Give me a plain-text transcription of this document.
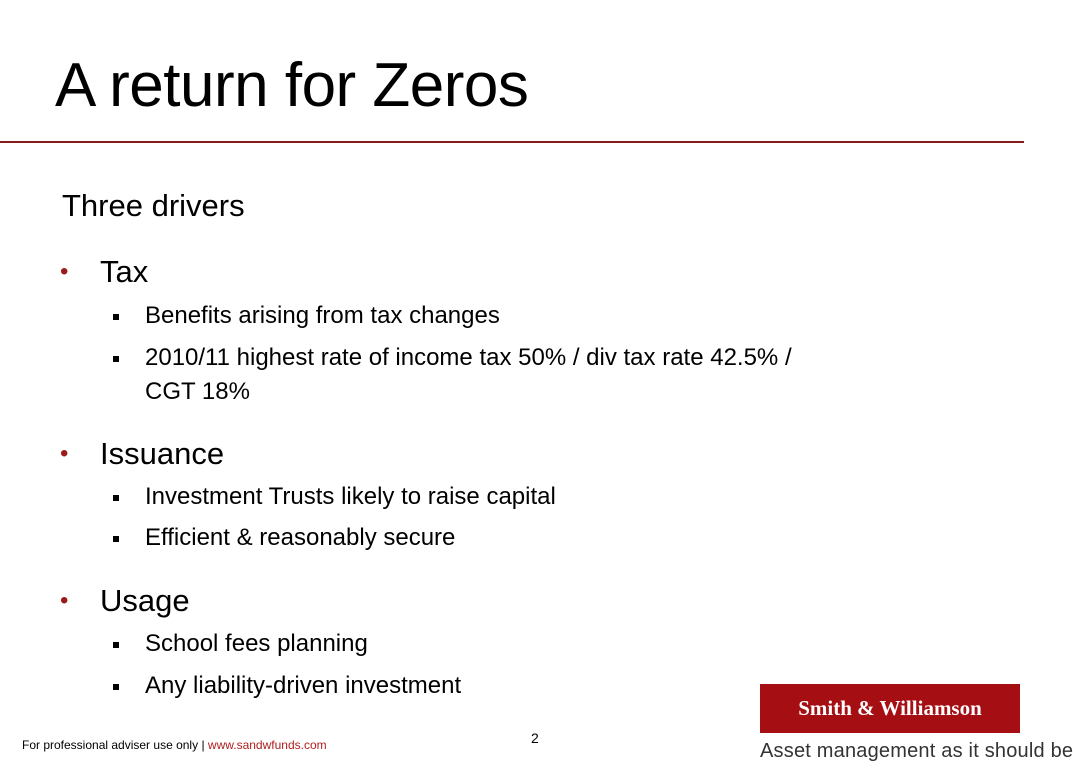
A return for Zeros
Three drivers
• Tax
Benefits arising from tax changes
2010/11 highest rate of income tax 50% / div tax rate 42.5% /
CGT 18%
• Issuance
Investment Trusts likely to raise capital
Efficient & reasonably secure
• Usage
School fees planning
Any liability-driven investment
For professional adviser use only | www.sandwfunds.com	2
Smith & Williamson
Asset management as it should be
